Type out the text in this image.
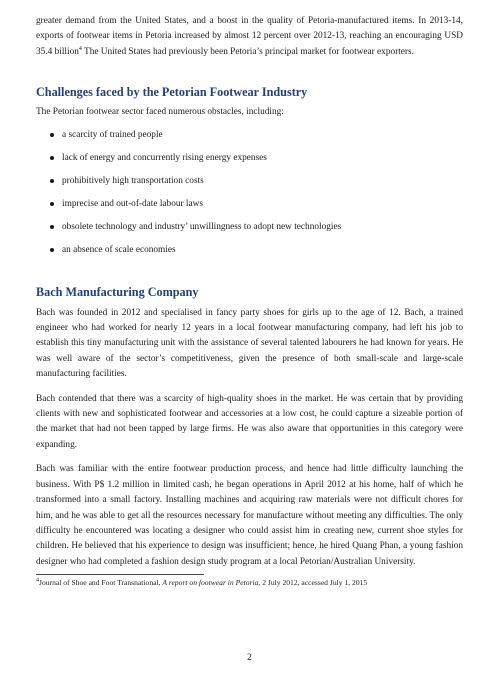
greater demand from the United States, and a boost in the quality of Petoria-manufactured items. In 2013-14, exports of footwear items in Petoria increased by almost 12 percent over 2012-13, reaching an encouraging USD 35.4 billion$^4$ The United States had previously been Petoria’s principal market for footwear exporters.

Challenges faced by the Petorian Footwear Industry

The Petorian footwear sector faced numerous obstacles, including:

a scarcity of trained people
lack of energy and concurrently rising energy expenses
prohibitively high transportation costs
imprecise and out-of-date labour laws
obsolete technology and industry’ unwillingness to adopt new technologies
an absence of scale economies
Bach Manufacturing Company

Bach was founded in 2012 and specialised in fancy party shoes for girls up to the age of 12. Bach, a trained engineer who had worked for nearly 12 years in a local footwear manufacturing company, had left his job to establish this tiny manufacturing unit with the assistance of several talented labourers he had known for years. He was well aware of the sector’s competitiveness, given the presence of both small-scale and large-scale manufacturing facilities.

Bach contended that there was a scarcity of high-quality shoes in the market. He was certain that by providing clients with new and sophisticated footwear and accessories at a low cost, he could capture a sizeable portion of the market that had not been tapped by large firms. He was also aware that opportunities in this category were expanding.

Bach was familiar with the entire footwear production process, and hence had little difficulty launching the business. With P$ 1.2 million in limited cash, he began operations in April 2012 at his home, half of which he transformed into a small factory. Installing machines and acquiring raw materials were not difficult chores for him, and he was able to get all the resources necessary for manufacture without meeting any difficulties. The only difficulty he encountered was locating a designer who could assist him in creating new, current shoe styles for children. He believed that his experience to design was insufficient; hence, he hired Quang Phan, a young fashion designer who had completed a fashion design study program at a local Petorian/Australian University.

$^4$Journal of Shoe and Foot Transnational, A report on footwear in Petoria, 2 July 2012, accessed July 1, 2015
2
